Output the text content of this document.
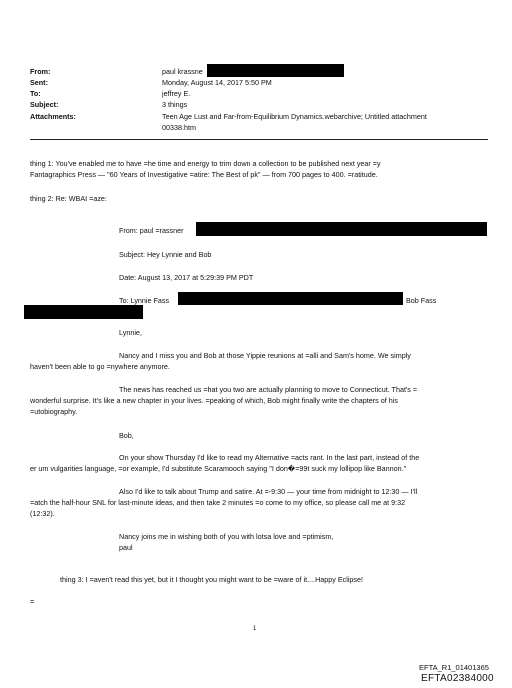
From:
Sent:
To:
Subject:
Attachments:
paul krassne
Monday, August 14, 2017 5:50 PM
jeffrey E.
3 things
Teen Age Lust and Far-from-Equilibrium Dynamics.webarchive; Untitled attachment
00338.htm
thing 1: You've enabled me to have =he time and energy to trim down a collection to be published next year =y
Fantagraphics Press — "60 Years of Investigative =atire: The Best of pk" — from 700 pages to 400. =ratitude.
thing 2: Re: WBAI =aze:
From: paul =rassner
Subject: Hey Lynnie and Bob
Date: August 13, 2017 at 5:29:39 PM PDT
To: Lynnie Fass	Bob Fass
Lynnie,
Nancy and I miss you and Bob at those Yippie reunions at =alli and Sam's home. We simply
haven't been able to go =nywhere anymore.
The news has reached us =hat you two are actually planning to move to Connecticut. That's =
wonderful surprise. It's like a new chapter in your lives. =peaking of which, Bob might finally write the chapters of his
=utobiography.
Bob,
On your show Thursday I'd like to read my Alternative =acts rant. In the last part, instead of the
er um vulgarities language, =or example, I'd substitute Scaramooch saying "I don�=99t suck my lollipop like Bannon."
Also I'd like to talk about Trump and satire. At =-9:30 — your time from midnight to 12:30 — I'll
=atch the half-hour SNL for last-minute ideas, and then take 2 minutes =o come to my office, so please call me at 9:32
(12:32).
Nancy joins me in wishing both of you with lotsa love and =ptimism,
paul
thing 3: I =aven't read this yet, but it I thought you might want to be =ware of it....Happy Eclipse!
=
1
EFTA_R1_01401365
EFTA02384000
